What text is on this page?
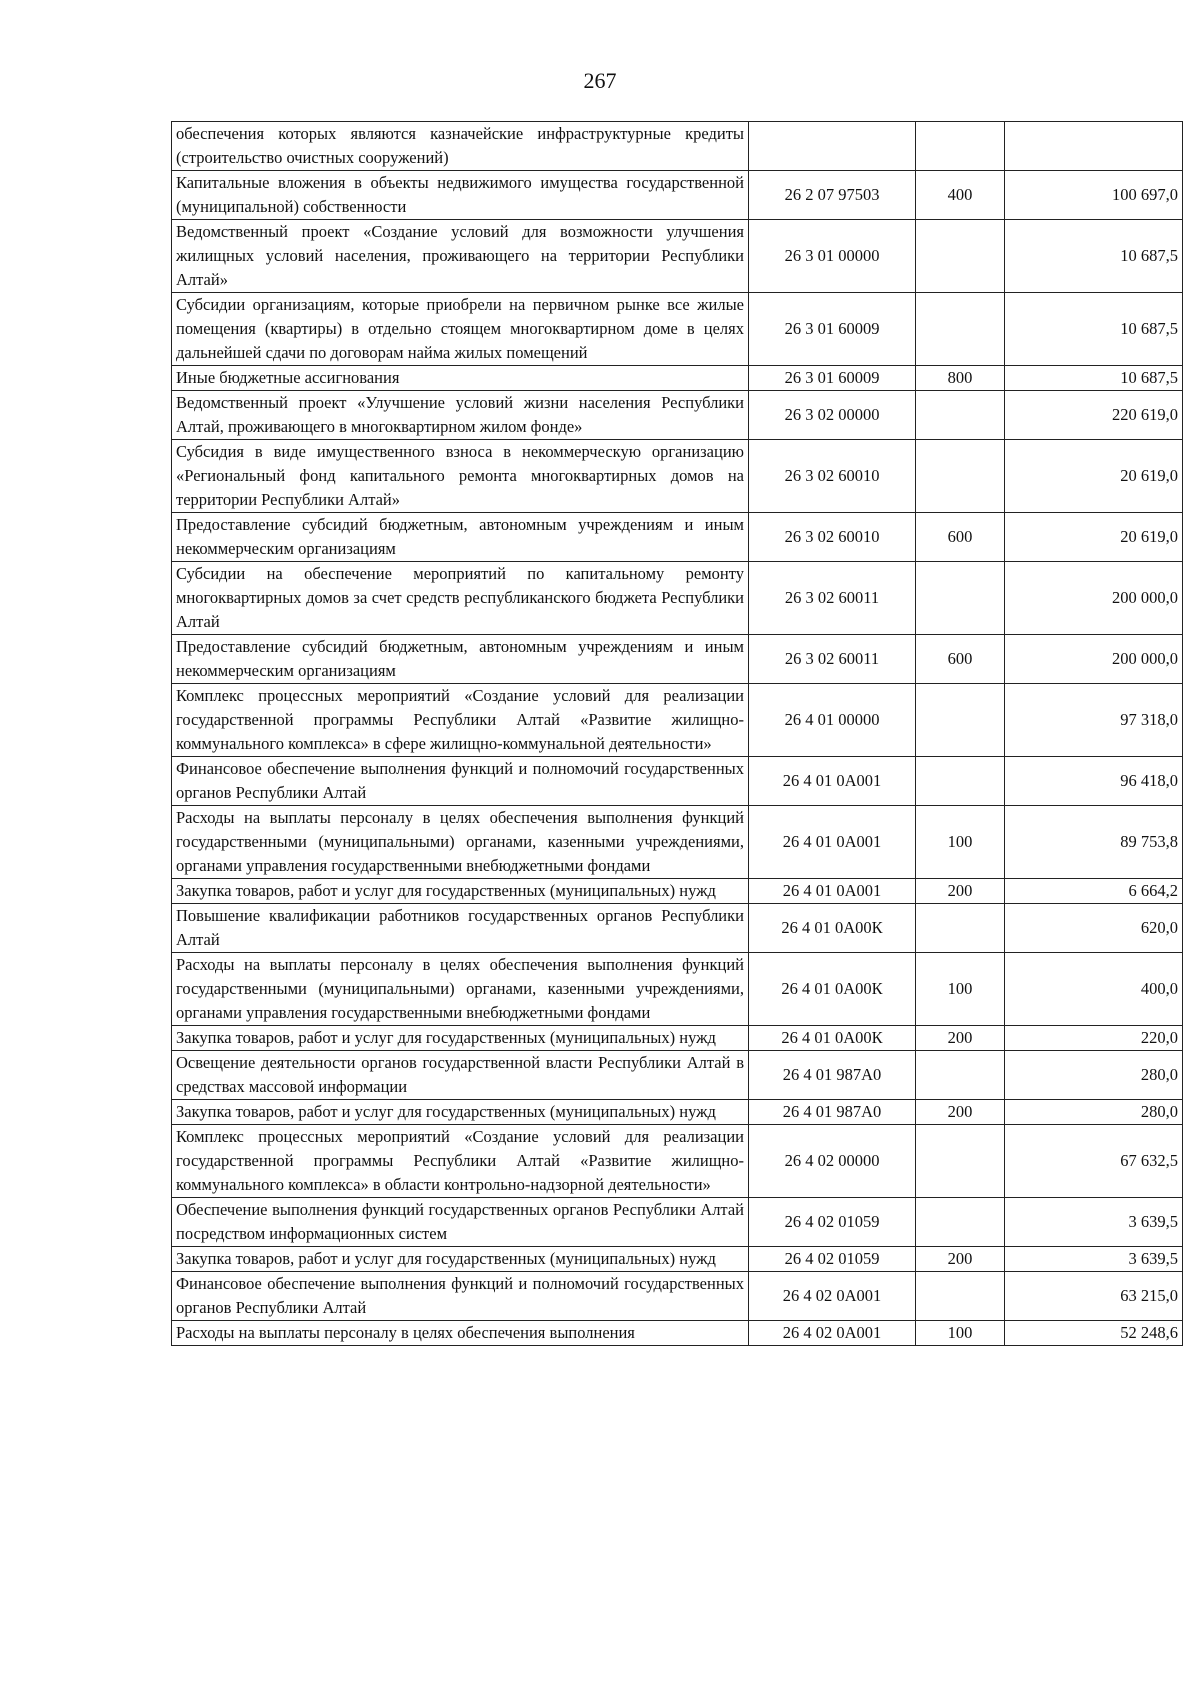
267
обеспечения которых являются казначейские инфраструктурные кредиты (строительство очистных сооружений)			
Капитальные вложения в объекты недвижимого имущества государственной (муниципальной) собственности	26 2 07 97503	400	100 697,0
Ведомственный проект «Создание условий для возможности улучшения жилищных условий населения, проживающего на территории Республики Алтай»	26 3 01 00000		10 687,5
Субсидии организациям, которые приобрели на первичном рынке все жилые помещения (квартиры) в отдельно стоящем многоквартирном доме в целях дальнейшей сдачи по договорам найма жилых помещений	26 3 01 60009		10 687,5
Иные бюджетные ассигнования	26 3 01 60009	800	10 687,5
Ведомственный проект «Улучшение условий жизни населения Республики Алтай, проживающего в многоквартирном жилом фонде»	26 3 02 00000		220 619,0
Субсидия в виде имущественного взноса в некоммерческую организацию «Региональный фонд капитального ремонта многоквартирных домов на территории Республики Алтай»	26 3 02 60010		20 619,0
Предоставление субсидий бюджетным, автономным учреждениям и иным некоммерческим организациям	26 3 02 60010	600	20 619,0
Субсидии на обеспечение мероприятий по капитальному ремонту многоквартирных домов за счет средств республиканского бюджета Республики Алтай	26 3 02 60011		200 000,0
Предоставление субсидий бюджетным, автономным учреждениям и иным некоммерческим организациям	26 3 02 60011	600	200 000,0
Комплекс процессных мероприятий «Создание условий для реализации государственной программы Республики Алтай «Развитие жилищно-коммунального комплекса» в сфере жилищно-коммунальной деятельности»	26 4 01 00000		97 318,0
Финансовое обеспечение выполнения функций и полномочий государственных органов Республики Алтай	26 4 01 0А001		96 418,0
Расходы на выплаты персоналу в целях обеспечения выполнения функций государственными (муниципальными) органами, казенными учреждениями, органами управления государственными внебюджетными фондами	26 4 01 0А001	100	89 753,8
Закупка товаров, работ и услуг для государственных (муниципальных) нужд	26 4 01 0А001	200	6 664,2
Повышение квалификации работников государственных органов Республики Алтай	26 4 01 0А00К		620,0
Расходы на выплаты персоналу в целях обеспечения выполнения функций государственными (муниципальными) органами, казенными учреждениями, органами управления государственными внебюджетными фондами	26 4 01 0А00К	100	400,0
Закупка товаров, работ и услуг для государственных (муниципальных) нужд	26 4 01 0А00К	200	220,0
Освещение деятельности органов государственной власти Республики Алтай в средствах массовой информации	26 4 01 987А0		280,0
Закупка товаров, работ и услуг для государственных (муниципальных) нужд	26 4 01 987А0	200	280,0
Комплекс процессных мероприятий «Создание условий для реализации государственной программы Республики Алтай «Развитие жилищно-коммунального комплекса» в области контрольно-надзорной деятельности»	26 4 02 00000		67 632,5
Обеспечение выполнения функций государственных органов Республики Алтай посредством информационных систем	26 4 02 01059		3 639,5
Закупка товаров, работ и услуг для государственных (муниципальных) нужд	26 4 02 01059	200	3 639,5
Финансовое обеспечение выполнения функций и полномочий государственных органов Республики Алтай	26 4 02 0А001		63 215,0
Расходы на выплаты персоналу в целях обеспечения выполнения	26 4 02 0А001	100	52 248,6
